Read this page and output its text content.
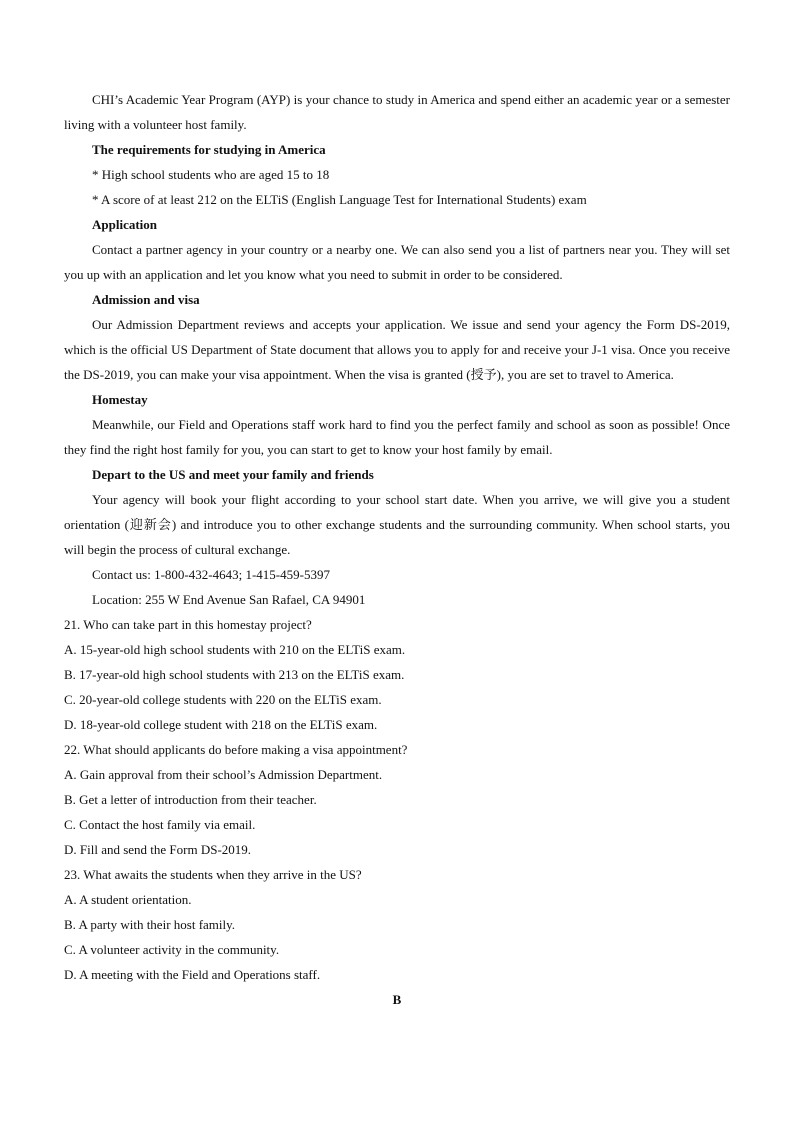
CHI’s Academic Year Program (AYP) is your chance to study in America and spend either an academic year or a semester living with a volunteer host family.

The requirements for studying in America

* High school students who are aged 15 to 18

* A score of at least 212 on the ELTiS (English Language Test for International Students) exam

Application

Contact a partner agency in your country or a nearby one. We can also send you a list of partners near you. They will set you up with an application and let you know what you need to submit in order to be considered.

Admission and visa

Our Admission Department reviews and accepts your application. We issue and send your agency the Form DS-2019, which is the official US Department of State document that allows you to apply for and receive your J-1 visa. Once you receive the DS-2019, you can make your visa appointment. When the visa is granted (授予), you are set to travel to America.

Homestay

Meanwhile, our Field and Operations staff work hard to find you the perfect family and school as soon as possible! Once they find the right host family for you, you can start to get to know your host family by email.

Depart to the US and meet your family and friends

Your agency will book your flight according to your school start date. When you arrive, we will give you a student orientation (迎新会) and introduce you to other exchange students and the surrounding community. When school starts, you will begin the process of cultural exchange.

Contact us: 1-800-432-4643; 1-415-459-5397

Location: 255 W End Avenue San Rafael, CA 94901

21. Who can take part in this homestay project?

A. 15-year-old high school students with 210 on the ELTiS exam.

B. 17-year-old high school students with 213 on the ELTiS exam.

C. 20-year-old college students with 220 on the ELTiS exam.

D. 18-year-old college student with 218 on the ELTiS exam.

22. What should applicants do before making a visa appointment?

A. Gain approval from their school’s Admission Department.

B. Get a letter of introduction from their teacher.

C. Contact the host family via email.

D. Fill and send the Form DS-2019.

23. What awaits the students when they arrive in the US?

A. A student orientation.

B. A party with their host family.

C. A volunteer activity in the community.

D. A meeting with the Field and Operations staff.

B
